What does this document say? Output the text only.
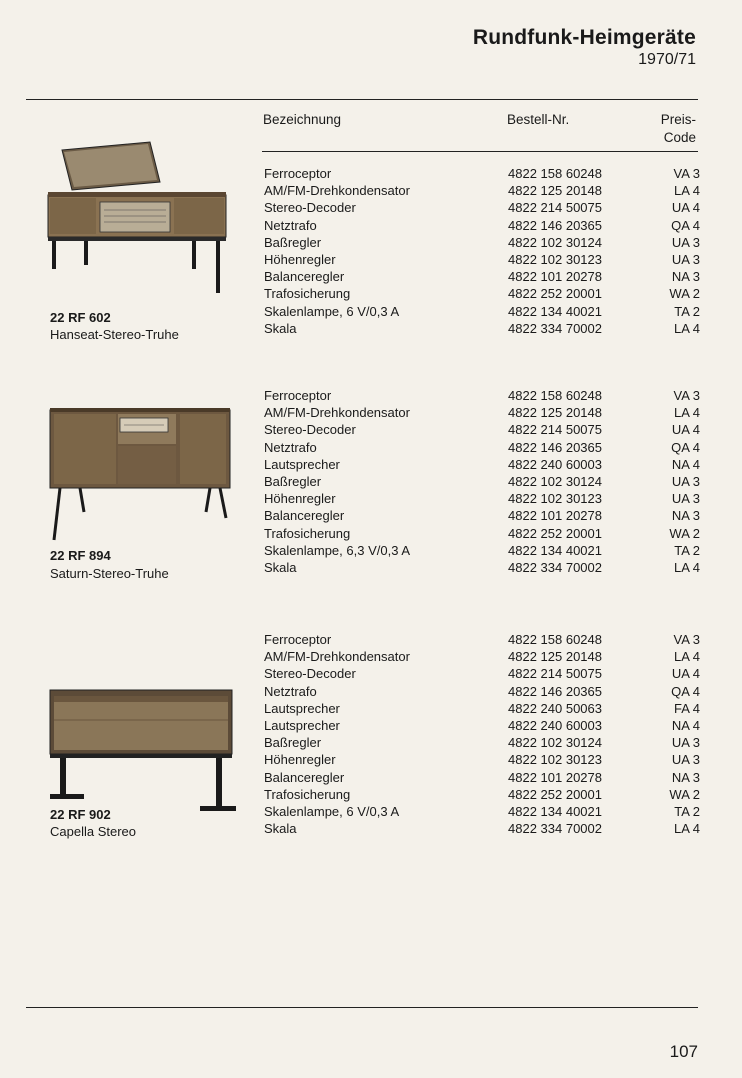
Rundfunk-Heimgeräte
1970/71
Bezeichnung	Bestell-Nr.	Preis-
Code
22 RF 602
Hanseat-Stereo-Truhe
Ferroceptor	4822 158 60248	VA 3
AM/FM-Drehkondensator	4822 125 20148	LA 4
Stereo-Decoder	4822 214 50075	UA 4
Netztrafo	4822 146 20365	QA 4
Baßregler	4822 102 30124	UA 3
Höhenregler	4822 102 30123	UA 3
Balanceregler	4822 101 20278	NA 3
Trafosicherung	4822 252 20001	WA 2
Skalenlampe, 6 V/0,3 A	4822 134 40021	TA 2
Skala	4822 334 70002	LA 4
22 RF 894
Saturn-Stereo-Truhe
Ferroceptor	4822 158 60248	VA 3
AM/FM-Drehkondensator	4822 125 20148	LA 4
Stereo-Decoder	4822 214 50075	UA 4
Netztrafo	4822 146 20365	QA 4
Lautsprecher	4822 240 60003	NA 4
Baßregler	4822 102 30124	UA 3
Höhenregler	4822 102 30123	UA 3
Balanceregler	4822 101 20278	NA 3
Trafosicherung	4822 252 20001	WA 2
Skalenlampe, 6,3 V/0,3 A	4822 134 40021	TA 2
Skala	4822 334 70002	LA 4
22 RF 902
Capella Stereo
Ferroceptor	4822 158 60248	VA 3
AM/FM-Drehkondensator	4822 125 20148	LA 4
Stereo-Decoder	4822 214 50075	UA 4
Netztrafo	4822 146 20365	QA 4
Lautsprecher	4822 240 50063	FA 4
Lautsprecher	4822 240 60003	NA 4
Baßregler	4822 102 30124	UA 3
Höhenregler	4822 102 30123	UA 3
Balanceregler	4822 101 20278	NA 3
Trafosicherung	4822 252 20001	WA 2
Skalenlampe, 6 V/0,3 A	4822 134 40021	TA 2
Skala	4822 334 70002	LA 4
107
